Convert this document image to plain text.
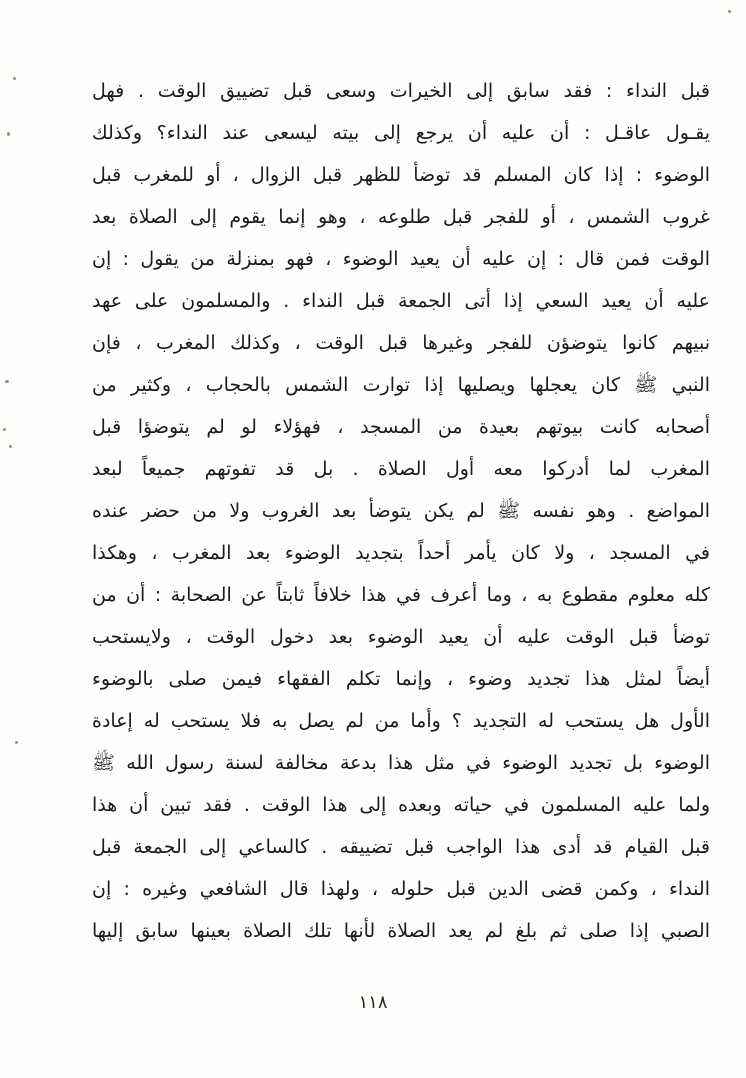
قبل النداء : فقد سابق إلى الخيرات وسعى قبل تضييق الوقت . فهل
يقـول عاقـل : أن عليه أن يرجع إلى بيته ليسعى عند النداء؟ وكذلك
الوضوء : إذا كان المسلم قد توضأ للظهر قبل الزوال ، أو للمغرب قبل
غروب الشمس ، أو للفجر قبل طلوعه ، وهو إنما يقوم إلى الصلاة بعد
الوقت فمن قال : إن عليه أن يعيد الوضوء ، فهو بمنزلة من يقول : إن
عليه أن يعيد السعي إذا أتى الجمعة قبل النداء . والمسلمون على عهد
نبيهم كانوا يتوضؤن للفجر وغيرها قبل الوقت ، وكذلك المغرب ، فإن
النبي ﷺ كان يعجلها ويصليها إذا توارت الشمس بالحجاب ، وكثير من
أصحابه كانت بيوتهم بعيدة من المسجد ، فهؤلاء لو لم يتوضؤا قبل
المغرب لما أدركوا معه أول الصلاة . بل قد تفوتهم جميعاً لبعد
المواضع . وهو نفسه ﷺ لم يكن يتوضأ بعد الغروب ولا من حضر عنده
في المسجد ، ولا كان يأمر أحداً بتجديد الوضوء بعد المغرب ، وهكذا
كله معلوم مقطوع به ، وما أعرف في هذا خلافاً ثابتاً عن الصحابة : أن من
توضأ قبل الوقت عليه أن يعيد الوضوء بعد دخول الوقت ، ولايستحب
أيضاً لمثل هذا تجديد وضوء ، وإنما تكلم الفقهاء فيمن صلى بالوضوء
الأول هل يستحب له التجديد ؟ وأما من لم يصل به فلا يستحب له إعادة
الوضوء بل تجديد الوضوء في مثل هذا بدعة مخالفة لسنة رسول الله ﷺ
ولما عليه المسلمون في حياته وبعده إلى هذا الوقت . فقد تبين أن هذا
قبل القيام قد أدى هذا الواجب قبل تضييقه . كالساعي إلى الجمعة قبل
النداء ، وكمن قضى الدين قبل حلوله ، ولهذا قال الشافعي وغيره : إن
الصبي إذا صلى ثم بلغ لم يعد الصلاة لأنها تلك الصلاة بعينها سابق إليها
١١٨
